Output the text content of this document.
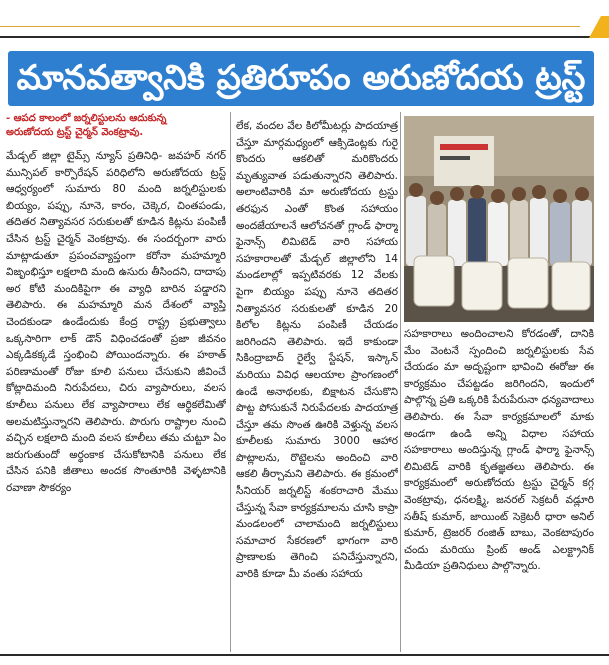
మానవత్వానికి ప్రతిరూపం అరుణోదయ ట్రస్ట్
- ఆపద కాలంలో జర్నలిస్టులను ఆదుకున్న
అరుణోదయ ట్రస్ట్ చైర్మన్ వెంకట్రావు.

మేడ్చల్ జిల్లా టైమ్స్ న్యూస్ ప్రతినిధి- జవహర్ నగర్ మున్సిపల్ కార్పొరేషన్ పరిధిలోని అరుణోదయ ట్రస్ట్ ఆధ్వర్యంలో సుమారు 80 మంది జర్నలిస్టులకు బియ్యం, పప్పు, నూనె, కారం, చెక్కెర, చింతపండు, తదితర నిత్యావసర సరుకులతో కూడిన కిట్లను పంపిణీ చేసిన ట్రస్ట్ చైర్మన్ వెంకట్రావు. ఈ సందర్బంగా వారు మాట్లాడుతూ ప్రపంచవ్యాప్తంగా కరోనా మహమ్మారి విజృంభిస్తూ లక్షలాది మంది ఉసురు తీసిందని, దాదాపు అర కోటి మందికిపైగా ఈ వ్యాధి బారిన పడ్డారని తెలిపారు. ఈ మహమ్మారి మన దేశంలో వ్యాప్తి చెందకుండా ఉండేందుకు కేంద్ర రాష్ట్ర ప్రభుత్వాలు ఒక్కసారిగా లాక్ డౌన్ విధించడంతో ప్రజా జీవనం ఎక్కడికక్కడే స్తంభించి పోయిందన్నారు. ఈ హఠాత్ పరిణామంతో రోజు కూలి పనులు చేసుకుని జీవించే కోట్లాదిమంది నిరుపేదలు, చిరు వ్యాపారులు, వలస కూలీలు పనులు లేక వ్యాపారాలు లేక ఆర్థికలేమితో అలమటిస్తున్నారని తెలిపారు. పొరుగు రాష్ట్రాల నుంచి వచ్చిన లక్షలాది మంది వలస కూలీలు తమ చుట్టూ ఏం జరుగుతుందో అర్థంకాక చేసుకోటానికి పనులు లేక చేసిన పనికి జీతాలు అందక సొంతూరికి వెళ్ళటానికి రవాణా సౌకర్యం

లేక, వందల వేల కిలోమీటర్లు పాదయాత్ర చేస్తూ మార్గమధ్యంలో ఆక్సిడెంట్లకు గురై కొందరు ఆకలితో మరికొందరు మృత్యువాత పడుతున్నారని తెలిపారు. అలాంటివారికి మా అరుణోదయ ట్రస్టు తరఫున ఎంతో కొంత సహాయం అందజేయాలనే ఆలోచనతో గ్లాండ్ ఫార్మా ఫైనాన్స్ లిమిటెడ్ వారి సహాయ సహకారాలతో మేడ్చల్ జిల్లాలోని 14 మండలాల్లో ఇప్పటివరకు 12 వేలకు పైగా బియ్యం పప్పు నూనె తదితర నిత్యావసర సరుకులతో కూడిన 20 కిలోల కిట్లను పంపిణీ చేయడం జరిగిందని తెలిపారు. ఇదే కాకుండా సికింద్రాబాద్ రైల్వే స్టేషన్, ఇస్కాన్ మరియు వివిధ ఆలయాల ప్రాంగణంలో ఉండే అనాథలకు, బిక్షాటన చేసుకొని పొట్ట పోసుకునే నిరుపేదలకు పాదయాత్ర చేస్తూ తమ సొంత ఊరికి వెళ్తున్న వలస కూలీలకు సుమారు 3000 ఆహార పొట్లాలను, రొట్టెలను అందించి వారి ఆకలి తీర్చామని తెలిపారు. ఈ క్రమంలో సీనియర్ జర్నలిస్ట్ శంకరాచారి మేము చేస్తున్న సేవా కార్యక్రమాలను చూసి కాప్రా మండలంలో చాలామంది జర్నలిస్టులు సమాచార సేకరణలో భాగంగా వారి ప్రాణాలకు తెగించి పనిచేస్తున్నారని, వారికి కూడా మీ వంతు సహాయ

సహకారాలు అందించాలని కోరడంతో, దానికి మేం వెంటనే స్పందించి జర్నలిస్టులకు సేవ చేయడం మా అదృష్టంగా భావించి ఈరోజు ఈ కార్యక్రమం చేపట్టడం జరిగిందని, ఇందులో పాల్గొన్న ప్రతి ఒక్కరికి పేరుపేరునా ధన్యవాదాలు తెలిపారు. ఈ సేవా కార్యక్రమాలలో మాకు అండగా ఉండి అన్ని విధాల సహాయ సహకారాలు అందిస్తున్న గ్లాండ్ ఫార్మా ఫైనాన్స్ లిమిటెడ్ వారికి కృతజ్ఞతలు తెలిపారు. ఈ కార్యక్రమంలో అరుణోదయ ట్రస్టు చైర్మన్ కగ్గ వెంకట్రావు, ధనలక్ష్మి, జనరల్ సెక్రటరీ వడ్లూరి సతీష్ కుమార్, జాయింట్ సెక్రెటరీ ధారా అనిల్ కుమార్, ట్రెజరర్ రంజిత్ బాబు, వెంకటాపురం చందు మరియు ప్రింట్ అండ్ ఎలక్ట్రానిక్ మీడియా ప్రతినిధులు పాల్గొన్నారు.
